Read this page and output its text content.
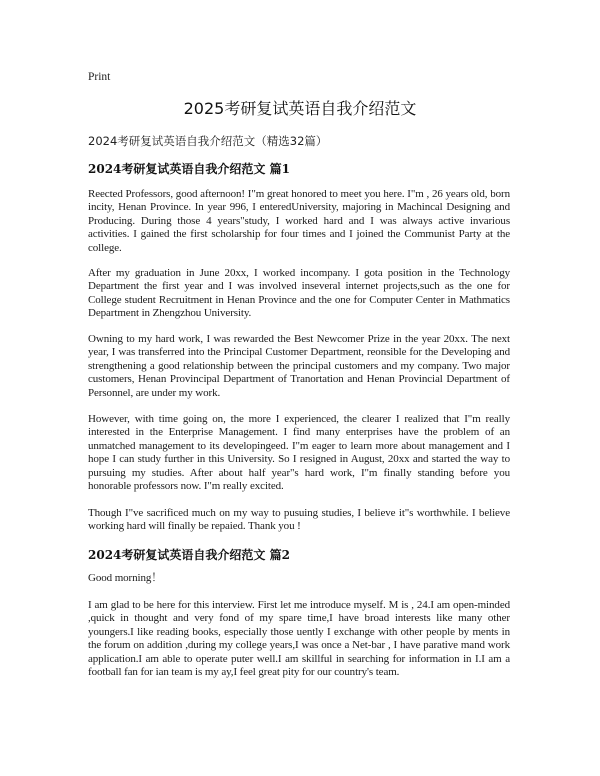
Print
2025考研复试英语自我介绍范文
2024考研复试英语自我介绍范文（精选32篇）
2024考研复试英语自我介绍范文 篇1
Reected Professors, good afternoon! I"m great honored to meet you here. I"m , 26 years old, born incity, Henan Province. In year 996, I enteredUniversity, majoring in Machincal Designing and Producing. During those 4 years"study, I worked hard and I was always active invarious activities. I gained the first scholarship for four times and I joined the Communist Party at the college.
After my graduation in June 20xx, I worked incompany. I gota position in the Technology Department the first year and I was involved inseveral internet projects,such as the one for College student Recruitment in Henan Province and the one for Computer Center in Mathmatics Department in Zhengzhou University.
Owning to my hard work, I was rewarded the Best Newcomer Prize in the year 20xx. The next year, I was transferred into the Principal Customer Department, reonsible for the Developing and strengthening a good relationship between the principal customers and my company. Two major customers, Henan Provincipal Department of Tranortation and Henan Provincial Department of Personnel, are under my work.
However, with time going on, the more I experienced, the clearer I realized that I"m really interested in the Enterprise Management. I find many enterprises have the problem of an unmatched management to its developingeed. I"m eager to learn more about management and I hope I can study further in this University. So I resigned in August, 20xx and started the way to pursuing my studies. After about half year"s hard work, I"m finally standing before you honorable professors now. I"m really excited.
Though I"ve sacrificed much on my way to pusuing studies, I believe it"s worthwhile. I believe working hard will finally be repaied. Thank you !
2024考研复试英语自我介绍范文 篇2
Good morning！
I am glad to be here for this interview. First let me introduce myself. M is , 24.I am open-minded ,quick in thought and very fond of my spare time,I have broad interests like many other youngers.I like reading books, especially those uently I exchange with other people by ments in the forum on addition ,during my college years,I was once a Net-bar , I have parative mand work application.I am able to operate puter well.I am skillful in searching for information in I.I am a football fan for ian team is my ay,I feel great pity for our country's team.
